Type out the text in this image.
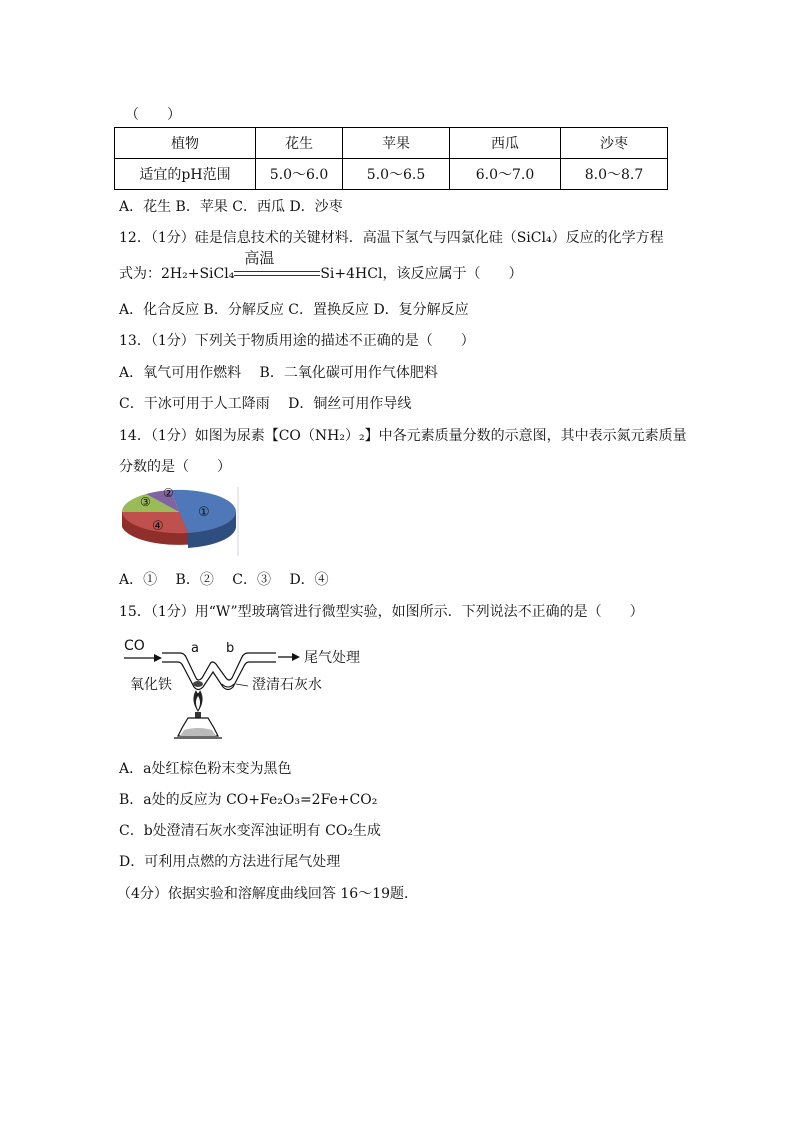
（　　）
植物	花生	苹果	西瓜	沙枣
适宜的pH范围	5.0～6.0	5.0～6.5	6.0～7.0	8.0～8.7
A．花生 B．苹果 C．西瓜 D．沙枣
12．（1分）硅是信息技术的关键材料．高温下氢气与四氯化硅（SiCl₄）反应的化学方程
式为：2H₂+SiCl₄
高温
Si+4HCl，该反应属于（　　）
A．化合反应 B．分解反应 C．置换反应 D．复分解反应
13．（1分）下列关于物质用途的描述不正确的是（　　）
A．氧气可用作燃料　 B．二氧化碳可用作气体肥料
C．干冰可用于人工降雨　 D．铜丝可用作导线
14．（1分）如图为尿素【CO（NH₂）₂】中各元素质量分数的示意图，其中表示氮元素质量
分数的是（　　）
①
②
③
④
A．①　 B．②　 C．③　 D．④
15．（1分）用“W”型玻璃管进行微型实验，如图所示．下列说法不正确的是（　　）
CO	a b
尾气处理
氧化铁	澄清石灰水
A．a处红棕色粉末变为黑色
B．a处的反应为 CO+Fe₂O₃=2Fe+CO₂
C．b处澄清石灰水变浑浊证明有 CO₂生成
D．可利用点燃的方法进行尾气处理
（4分）依据实验和溶解度曲线回答 16～19题．
